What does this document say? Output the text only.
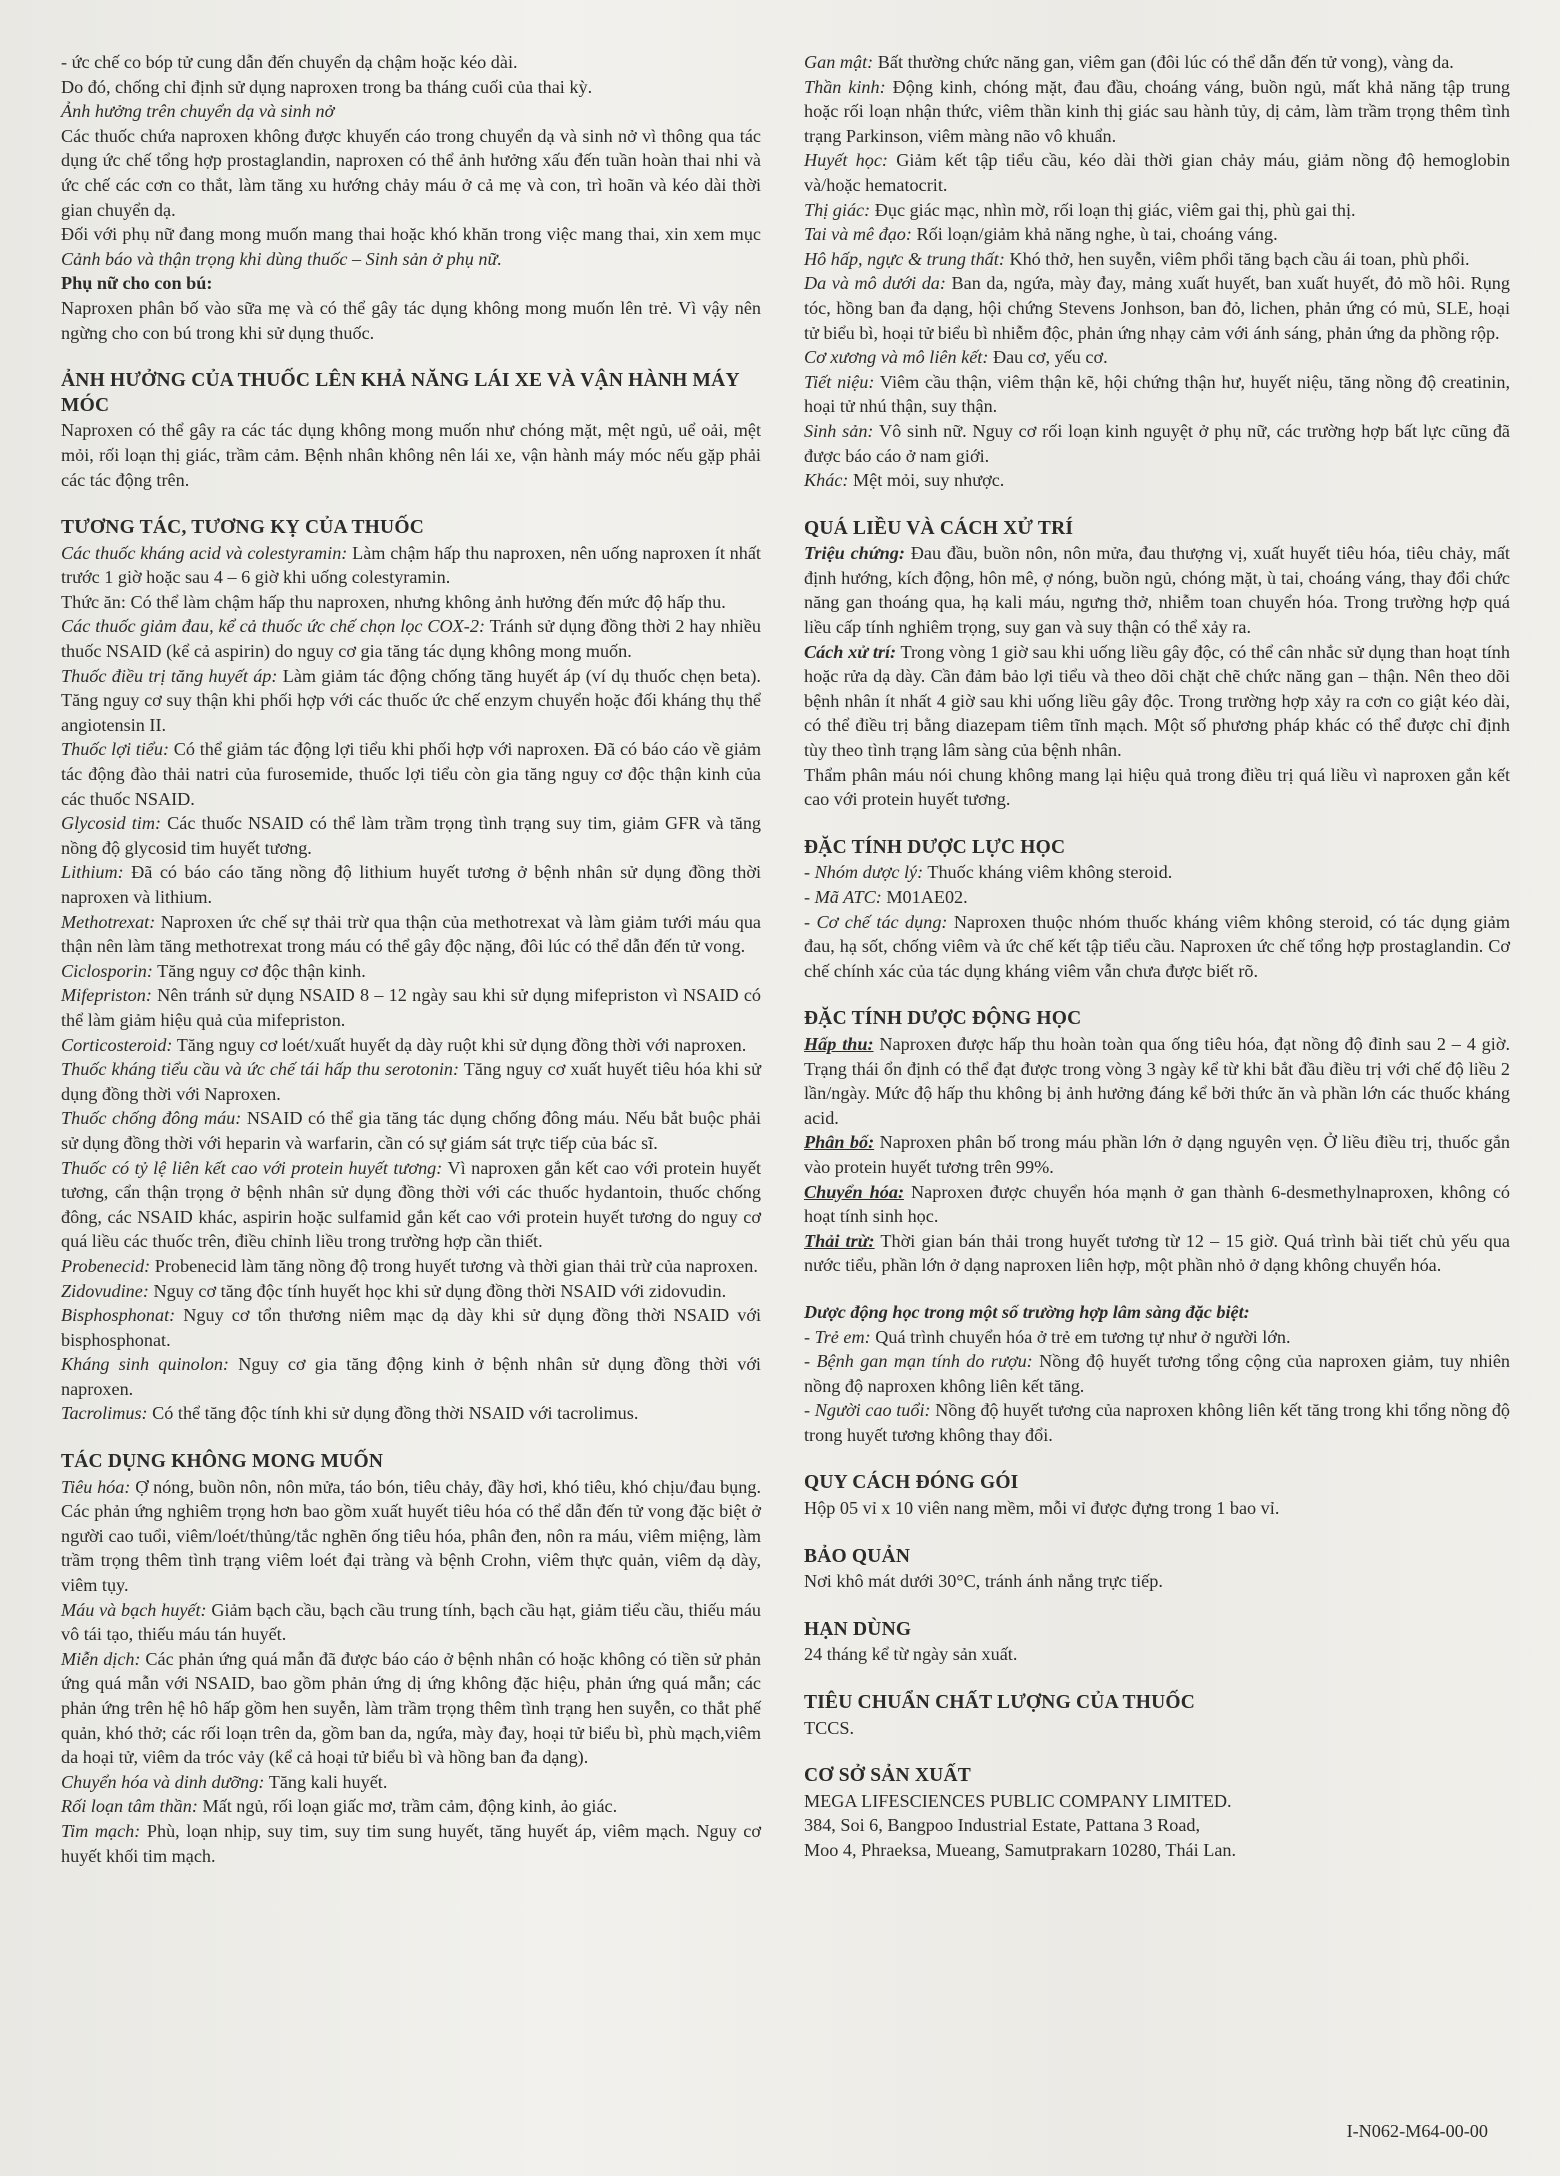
- ức chế co bóp tử cung dẫn đến chuyển dạ chậm hoặc kéo dài.

Do đó, chống chỉ định sử dụng naproxen trong ba tháng cuối của thai kỳ.

Ảnh hưởng trên chuyển dạ và sinh nở

Các thuốc chứa naproxen không được khuyến cáo trong chuyển dạ và sinh nở vì thông qua tác dụng ức chế tổng hợp prostaglandin, naproxen có thể ảnh hưởng xấu đến tuần hoàn thai nhi và ức chế các cơn co thắt, làm tăng xu hướng chảy máu ở cả mẹ và con, trì hoãn và kéo dài thời gian chuyển dạ.

Đối với phụ nữ đang mong muốn mang thai hoặc khó khăn trong việc mang thai, xin xem mục Cảnh báo và thận trọng khi dùng thuốc – Sinh sản ở phụ nữ.

Phụ nữ cho con bú:

Naproxen phân bố vào sữa mẹ và có thể gây tác dụng không mong muốn lên trẻ. Vì vậy nên ngừng cho con bú trong khi sử dụng thuốc.

ẢNH HƯỞNG CỦA THUỐC LÊN KHẢ NĂNG LÁI XE VÀ VẬN HÀNH MÁY MÓC

Naproxen có thể gây ra các tác dụng không mong muốn như chóng mặt, mệt ngủ, uể oải, mệt mỏi, rối loạn thị giác, trầm cảm. Bệnh nhân không nên lái xe, vận hành máy móc nếu gặp phải các tác động trên.

TƯƠNG TÁC, TƯƠNG KỴ CỦA THUỐC

Các thuốc kháng acid và colestyramin: Làm chậm hấp thu naproxen, nên uống naproxen ít nhất trước 1 giờ hoặc sau 4 – 6 giờ khi uống colestyramin.

Thức ăn: Có thể làm chậm hấp thu naproxen, nhưng không ảnh hưởng đến mức độ hấp thu.

Các thuốc giảm đau, kể cả thuốc ức chế chọn lọc COX-2: Tránh sử dụng đồng thời 2 hay nhiều thuốc NSAID (kể cả aspirin) do nguy cơ gia tăng tác dụng không mong muốn.

Thuốc điều trị tăng huyết áp: Làm giảm tác động chống tăng huyết áp (ví dụ thuốc chẹn beta). Tăng nguy cơ suy thận khi phối hợp với các thuốc ức chế enzym chuyển hoặc đối kháng thụ thể angiotensin II.

Thuốc lợi tiểu: Có thể giảm tác động lợi tiểu khi phối hợp với naproxen. Đã có báo cáo về giảm tác động đào thải natri của furosemide, thuốc lợi tiểu còn gia tăng nguy cơ độc thận kinh của các thuốc NSAID.

Glycosid tim: Các thuốc NSAID có thể làm trầm trọng tình trạng suy tim, giảm GFR và tăng nồng độ glycosid tim huyết tương.

Lithium: Đã có báo cáo tăng nồng độ lithium huyết tương ở bệnh nhân sử dụng đồng thời naproxen và lithium.

Methotrexat: Naproxen ức chế sự thải trừ qua thận của methotrexat và làm giảm tưới máu qua thận nên làm tăng methotrexat trong máu có thể gây độc nặng, đôi lúc có thể dẫn đến tử vong.

Ciclosporin: Tăng nguy cơ độc thận kinh.

Mifepriston: Nên tránh sử dụng NSAID 8 – 12 ngày sau khi sử dụng mifepriston vì NSAID có thể làm giảm hiệu quả của mifepriston.

Corticosteroid: Tăng nguy cơ loét/xuất huyết dạ dày ruột khi sử dụng đồng thời với naproxen.

Thuốc kháng tiểu cầu và ức chế tái hấp thu serotonin: Tăng nguy cơ xuất huyết tiêu hóa khi sử dụng đồng thời với Naproxen.

Thuốc chống đông máu: NSAID có thể gia tăng tác dụng chống đông máu. Nếu bắt buộc phải sử dụng đồng thời với heparin và warfarin, cần có sự giám sát trực tiếp của bác sĩ.

Thuốc có tỷ lệ liên kết cao với protein huyết tương: Vì naproxen gắn kết cao với protein huyết tương, cẩn thận trọng ở bệnh nhân sử dụng đồng thời với các thuốc hydantoin, thuốc chống đông, các NSAID khác, aspirin hoặc sulfamid gắn kết cao với protein huyết tương do nguy cơ quá liều các thuốc trên, điều chỉnh liều trong trường hợp cần thiết.

Probenecid: Probenecid làm tăng nồng độ trong huyết tương và thời gian thải trừ của naproxen.

Zidovudine: Nguy cơ tăng độc tính huyết học khi sử dụng đồng thời NSAID với zidovudin.

Bisphosphonat: Nguy cơ tổn thương niêm mạc dạ dày khi sử dụng đồng thời NSAID với bisphosphonat.

Kháng sinh quinolon: Nguy cơ gia tăng động kinh ở bệnh nhân sử dụng đồng thời với naproxen.

Tacrolimus: Có thể tăng độc tính khi sử dụng đồng thời NSAID với tacrolimus.

TÁC DỤNG KHÔNG MONG MUỐN

Tiêu hóa: Ợ nóng, buồn nôn, nôn mửa, táo bón, tiêu chảy, đầy hơi, khó tiêu, khó chịu/đau bụng. Các phản ứng nghiêm trọng hơn bao gồm xuất huyết tiêu hóa có thể dẫn đến tử vong đặc biệt ở người cao tuổi, viêm/loét/thủng/tắc nghẽn ống tiêu hóa, phân đen, nôn ra máu, viêm miệng, làm trầm trọng thêm tình trạng viêm loét đại tràng và bệnh Crohn, viêm thực quản, viêm dạ dày, viêm tụy.

Máu và bạch huyết: Giảm bạch cầu, bạch cầu trung tính, bạch cầu hạt, giảm tiểu cầu, thiếu máu vô tái tạo, thiếu máu tán huyết.

Miễn dịch: Các phản ứng quá mẫn đã được báo cáo ở bệnh nhân có hoặc không có tiền sử phản ứng quá mẫn với NSAID, bao gồm phản ứng dị ứng không đặc hiệu, phản ứng quá mẫn; các phản ứng trên hệ hô hấp gồm hen suyễn, làm trầm trọng thêm tình trạng hen suyễn, co thắt phế quản, khó thở; các rối loạn trên da, gồm ban da, ngứa, mày đay, hoại tử biểu bì, phù mạch,viêm da hoại tử, viêm da tróc vảy (kể cả hoại tử biểu bì và hồng ban đa dạng).

Chuyển hóa và dinh dưỡng: Tăng kali huyết.

Rối loạn tâm thần: Mất ngủ, rối loạn giấc mơ, trầm cảm, động kinh, ảo giác.

Tim mạch: Phù, loạn nhịp, suy tim, suy tim sung huyết, tăng huyết áp, viêm mạch. Nguy cơ huyết khối tim mạch.

Gan mật: Bất thường chức năng gan, viêm gan (đôi lúc có thể dẫn đến tử vong), vàng da.

Thần kinh: Động kinh, chóng mặt, đau đầu, choáng váng, buồn ngủ, mất khả năng tập trung hoặc rối loạn nhận thức, viêm thần kinh thị giác sau hành tủy, dị cảm, làm trầm trọng thêm tình trạng Parkinson, viêm màng não vô khuẩn.

Huyết học: Giảm kết tập tiểu cầu, kéo dài thời gian chảy máu, giảm nồng độ hemoglobin và/hoặc hematocrit.

Thị giác: Đục giác mạc, nhìn mờ, rối loạn thị giác, viêm gai thị, phù gai thị.

Tai và mê đạo: Rối loạn/giảm khả năng nghe, ù tai, choáng váng.

Hô hấp, ngực & trung thất: Khó thở, hen suyễn, viêm phổi tăng bạch cầu ái toan, phù phổi.

Da và mô dưới da: Ban da, ngứa, mày đay, mảng xuất huyết, ban xuất huyết, đỏ mồ hôi. Rụng tóc, hồng ban đa dạng, hội chứng Stevens Jonhson, ban đỏ, lichen, phản ứng có mủ, SLE, hoại tử biểu bì, hoại tử biểu bì nhiễm độc, phản ứng nhạy cảm với ánh sáng, phản ứng da phồng rộp.

Cơ xương và mô liên kết: Đau cơ, yếu cơ.

Tiết niệu: Viêm cầu thận, viêm thận kẽ, hội chứng thận hư, huyết niệu, tăng nồng độ creatinin, hoại tử nhú thận, suy thận.

Sinh sản: Vô sinh nữ. Nguy cơ rối loạn kinh nguyệt ở phụ nữ, các trường hợp bất lực cũng đã được báo cáo ở nam giới.

Khác: Mệt mỏi, suy nhược.

QUÁ LIỀU VÀ CÁCH XỬ TRÍ

Triệu chứng: Đau đầu, buồn nôn, nôn mửa, đau thượng vị, xuất huyết tiêu hóa, tiêu chảy, mất định hướng, kích động, hôn mê, ợ nóng, buồn ngủ, chóng mặt, ù tai, choáng váng, thay đổi chức năng gan thoáng qua, hạ kali máu, ngưng thở, nhiễm toan chuyển hóa. Trong trường hợp quá liều cấp tính nghiêm trọng, suy gan và suy thận có thể xảy ra.

Cách xử trí: Trong vòng 1 giờ sau khi uống liều gây độc, có thể cân nhắc sử dụng than hoạt tính hoặc rửa dạ dày. Cần đảm bảo lợi tiểu và theo dõi chặt chẽ chức năng gan – thận. Nên theo dõi bệnh nhân ít nhất 4 giờ sau khi uống liều gây độc. Trong trường hợp xảy ra cơn co giật kéo dài, có thể điều trị bằng diazepam tiêm tĩnh mạch. Một số phương pháp khác có thể được chỉ định tùy theo tình trạng lâm sàng của bệnh nhân.

Thẩm phân máu nói chung không mang lại hiệu quả trong điều trị quá liều vì naproxen gắn kết cao với protein huyết tương.

ĐẶC TÍNH DƯỢC LỰC HỌC

- Nhóm dược lý: Thuốc kháng viêm không steroid.

- Mã ATC: M01AE02.

- Cơ chế tác dụng: Naproxen thuộc nhóm thuốc kháng viêm không steroid, có tác dụng giảm đau, hạ sốt, chống viêm và ức chế kết tập tiểu cầu. Naproxen ức chế tổng hợp prostaglandin. Cơ chế chính xác của tác dụng kháng viêm vẫn chưa được biết rõ.

ĐẶC TÍNH DƯỢC ĐỘNG HỌC

Hấp thu: Naproxen được hấp thu hoàn toàn qua ống tiêu hóa, đạt nồng độ đỉnh sau 2 – 4 giờ. Trạng thái ổn định có thể đạt được trong vòng 3 ngày kể từ khi bắt đầu điều trị với chế độ liều 2 lần/ngày. Mức độ hấp thu không bị ảnh hưởng đáng kể bởi thức ăn và phần lớn các thuốc kháng acid.

Phân bố: Naproxen phân bố trong máu phần lớn ở dạng nguyên vẹn. Ở liều điều trị, thuốc gắn vào protein huyết tương trên 99%.

Chuyển hóa: Naproxen được chuyển hóa mạnh ở gan thành 6-desmethylnaproxen, không có hoạt tính sinh học.

Thải trừ: Thời gian bán thải trong huyết tương từ 12 – 15 giờ. Quá trình bài tiết chủ yếu qua nước tiểu, phần lớn ở dạng naproxen liên hợp, một phần nhỏ ở dạng không chuyển hóa.

Dược động học trong một số trường hợp lâm sàng đặc biệt:

- Trẻ em: Quá trình chuyển hóa ở trẻ em tương tự như ở người lớn.

- Bệnh gan mạn tính do rượu: Nồng độ huyết tương tổng cộng của naproxen giảm, tuy nhiên nồng độ naproxen không liên kết tăng.

- Người cao tuổi: Nồng độ huyết tương của naproxen không liên kết tăng trong khi tổng nồng độ trong huyết tương không thay đổi.

QUY CÁCH ĐÓNG GÓI

Hộp 05 vỉ x 10 viên nang mềm, mỗi vỉ được đựng trong 1 bao vỉ.

BẢO QUẢN

Nơi khô mát dưới 30°C, tránh ánh nắng trực tiếp.

HẠN DÙNG

24 tháng kể từ ngày sản xuất.

TIÊU CHUẨN CHẤT LƯỢNG CỦA THUỐC

TCCS.

CƠ SỞ SẢN XUẤT

MEGA LIFESCIENCES PUBLIC COMPANY LIMITED.

384, Soi 6, Bangpoo Industrial Estate, Pattana 3 Road,

Moo 4, Phraeksa, Mueang, Samutprakarn 10280, Thái Lan.

I-N062-M64-00-00
